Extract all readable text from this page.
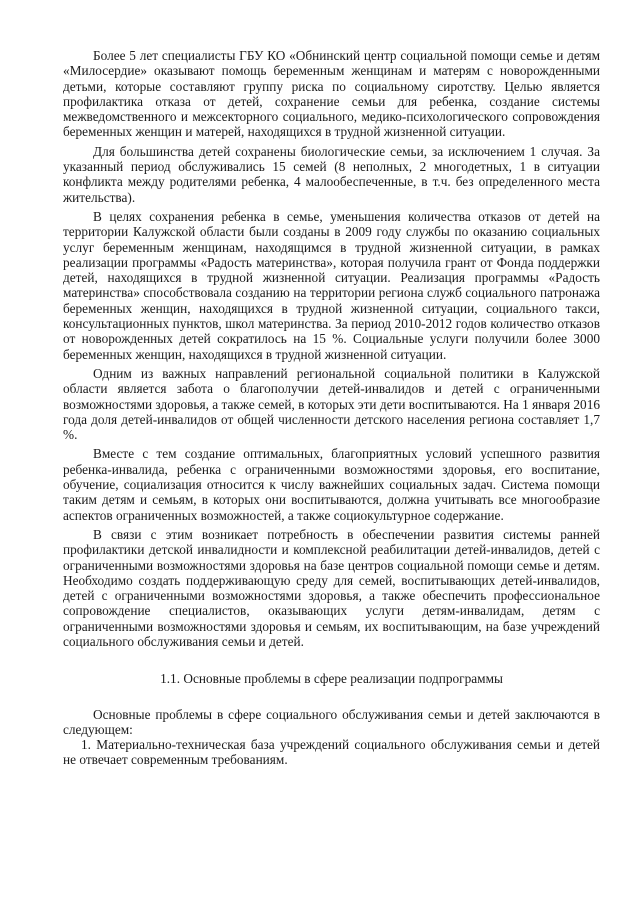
Более 5 лет специалисты ГБУ КО «Обнинский центр социальной помощи семье и детям «Милосердие» оказывают помощь беременным женщинам и матерям с новорожденными детьми, которые составляют группу риска по социальному сиротству. Целью является профилактика отказа от детей, сохранение семьи для ребенка, создание системы межведомственного и межсекторного социального, медико-психологического сопровождения беременных женщин и матерей, находящихся в трудной жизненной ситуации.

Для большинства детей сохранены биологические семьи, за исключением 1 случая. За указанный период обслуживались 15 семей (8 неполных, 2 многодетных, 1 в ситуации конфликта между родителями ребенка, 4 малообеспеченные, в т.ч. без определенного места жительства).

В целях сохранения ребенка в семье, уменьшения количества отказов от детей на территории Калужской области были созданы в 2009 году службы по оказанию социальных услуг беременным женщинам, находящимся в трудной жизненной ситуации, в рамках реализации программы «Радость материнства», которая получила грант от Фонда поддержки детей, находящихся в трудной жизненной ситуации. Реализация программы «Радость материнства» способствовала созданию на территории региона служб социального патронажа беременных женщин, находящихся в трудной жизненной ситуации, социального такси, консультационных пунктов, школ материнства. За период 2010-2012 годов количество отказов от новорожденных детей сократилось на 15 %. Социальные услуги получили более 3000 беременных женщин, находящихся в трудной жизненной ситуации.

Одним из важных направлений региональной социальной политики в Калужской области является забота о благополучии детей-инвалидов и детей с ограниченными возможностями здоровья, а также семей, в которых эти дети воспитываются. На 1 января 2016 года доля детей-инвалидов от общей численности детского населения региона составляет 1,7 %.

Вместе с тем создание оптимальных, благоприятных условий успешного развития ребенка-инвалида, ребенка с ограниченными возможностями здоровья, его воспитание, обучение, социализация относится к числу важнейших социальных задач. Система помощи таким детям и семьям, в которых они воспитываются, должна учитывать все многообразие аспектов ограниченных возможностей, а также социокультурное содержание.

В связи с этим возникает потребность в обеспечении развития системы ранней профилактики детской инвалидности и комплексной реабилитации детей-инвалидов, детей с ограниченными возможностями здоровья на базе центров социальной помощи семье и детям. Необходимо создать поддерживающую среду для семей, воспитывающих детей-инвалидов, детей с ограниченными возможностями здоровья, а также обеспечить профессиональное сопровождение специалистов, оказывающих услуги детям-инвалидам, детям с ограниченными возможностями здоровья и семьям, их воспитывающим, на базе учреждений социального обслуживания семьи и детей.

1.1. Основные проблемы в сфере реализации подпрограммы

Основные проблемы в сфере социального обслуживания семьи и детей заключаются в следующем:

1. Материально-техническая база учреждений социального обслуживания семьи и детей не отвечает современным требованиям.
